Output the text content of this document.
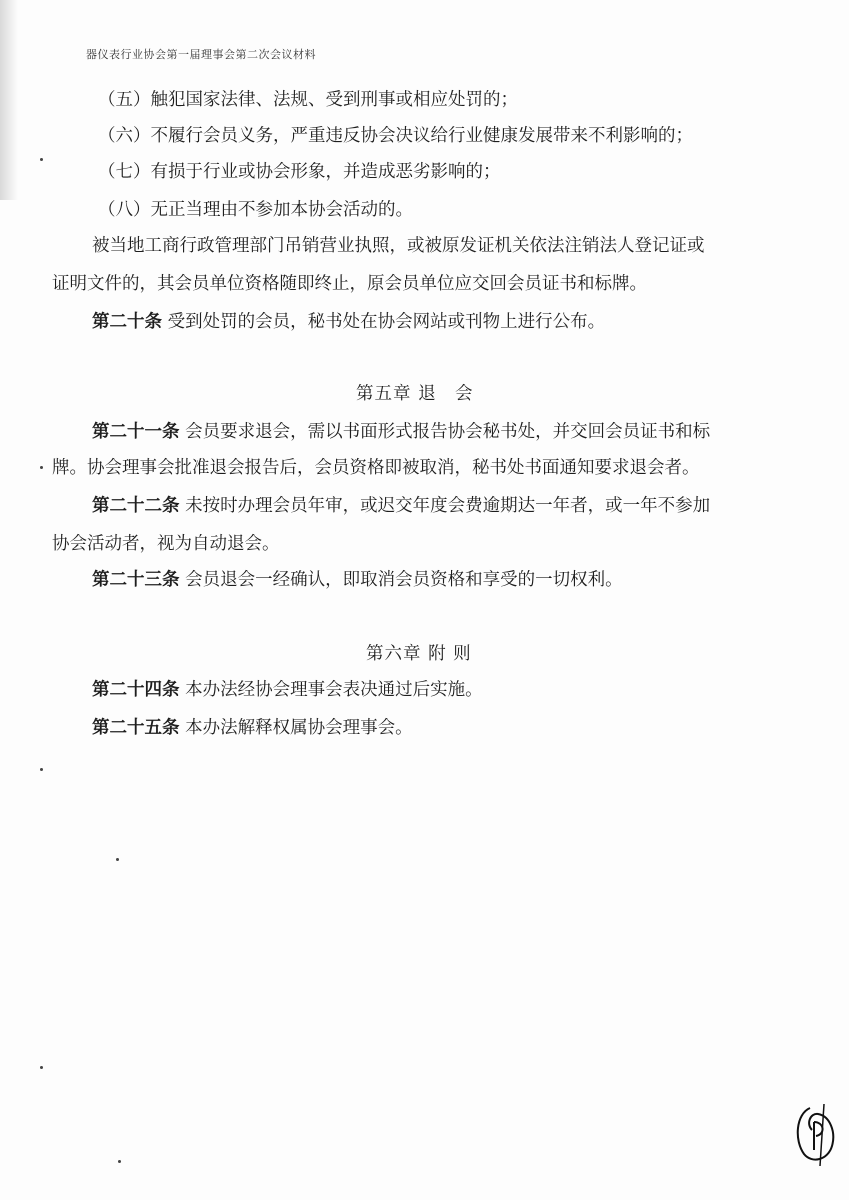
器仪表行业协会第一届理事会第二次会议材料
（五）触犯国家法律、法规、受到刑事或相应处罚的；
（六）不履行会员义务，严重违反协会决议给行业健康发展带来不利影响的；
（七）有损于行业或协会形象，并造成恶劣影响的；
（八）无正当理由不参加本协会活动的。
被当地工商行政管理部门吊销营业执照，或被原发证机关依法注销法人登记证或
证明文件的，其会员单位资格随即终止，原会员单位应交回会员证书和标牌。
第二十条 受到处罚的会员，秘书处在协会网站或刊物上进行公布。
第五章 退　会
第二十一条 会员要求退会，需以书面形式报告协会秘书处，并交回会员证书和标
牌。协会理事会批准退会报告后，会员资格即被取消，秘书处书面通知要求退会者。
第二十二条 未按时办理会员年审，或迟交年度会费逾期达一年者，或一年不参加
协会活动者，视为自动退会。
第二十三条 会员退会一经确认，即取消会员资格和享受的一切权利。
第六章 附 则
第二十四条 本办法经协会理事会表决通过后实施。
第二十五条 本办法解释权属协会理事会。
